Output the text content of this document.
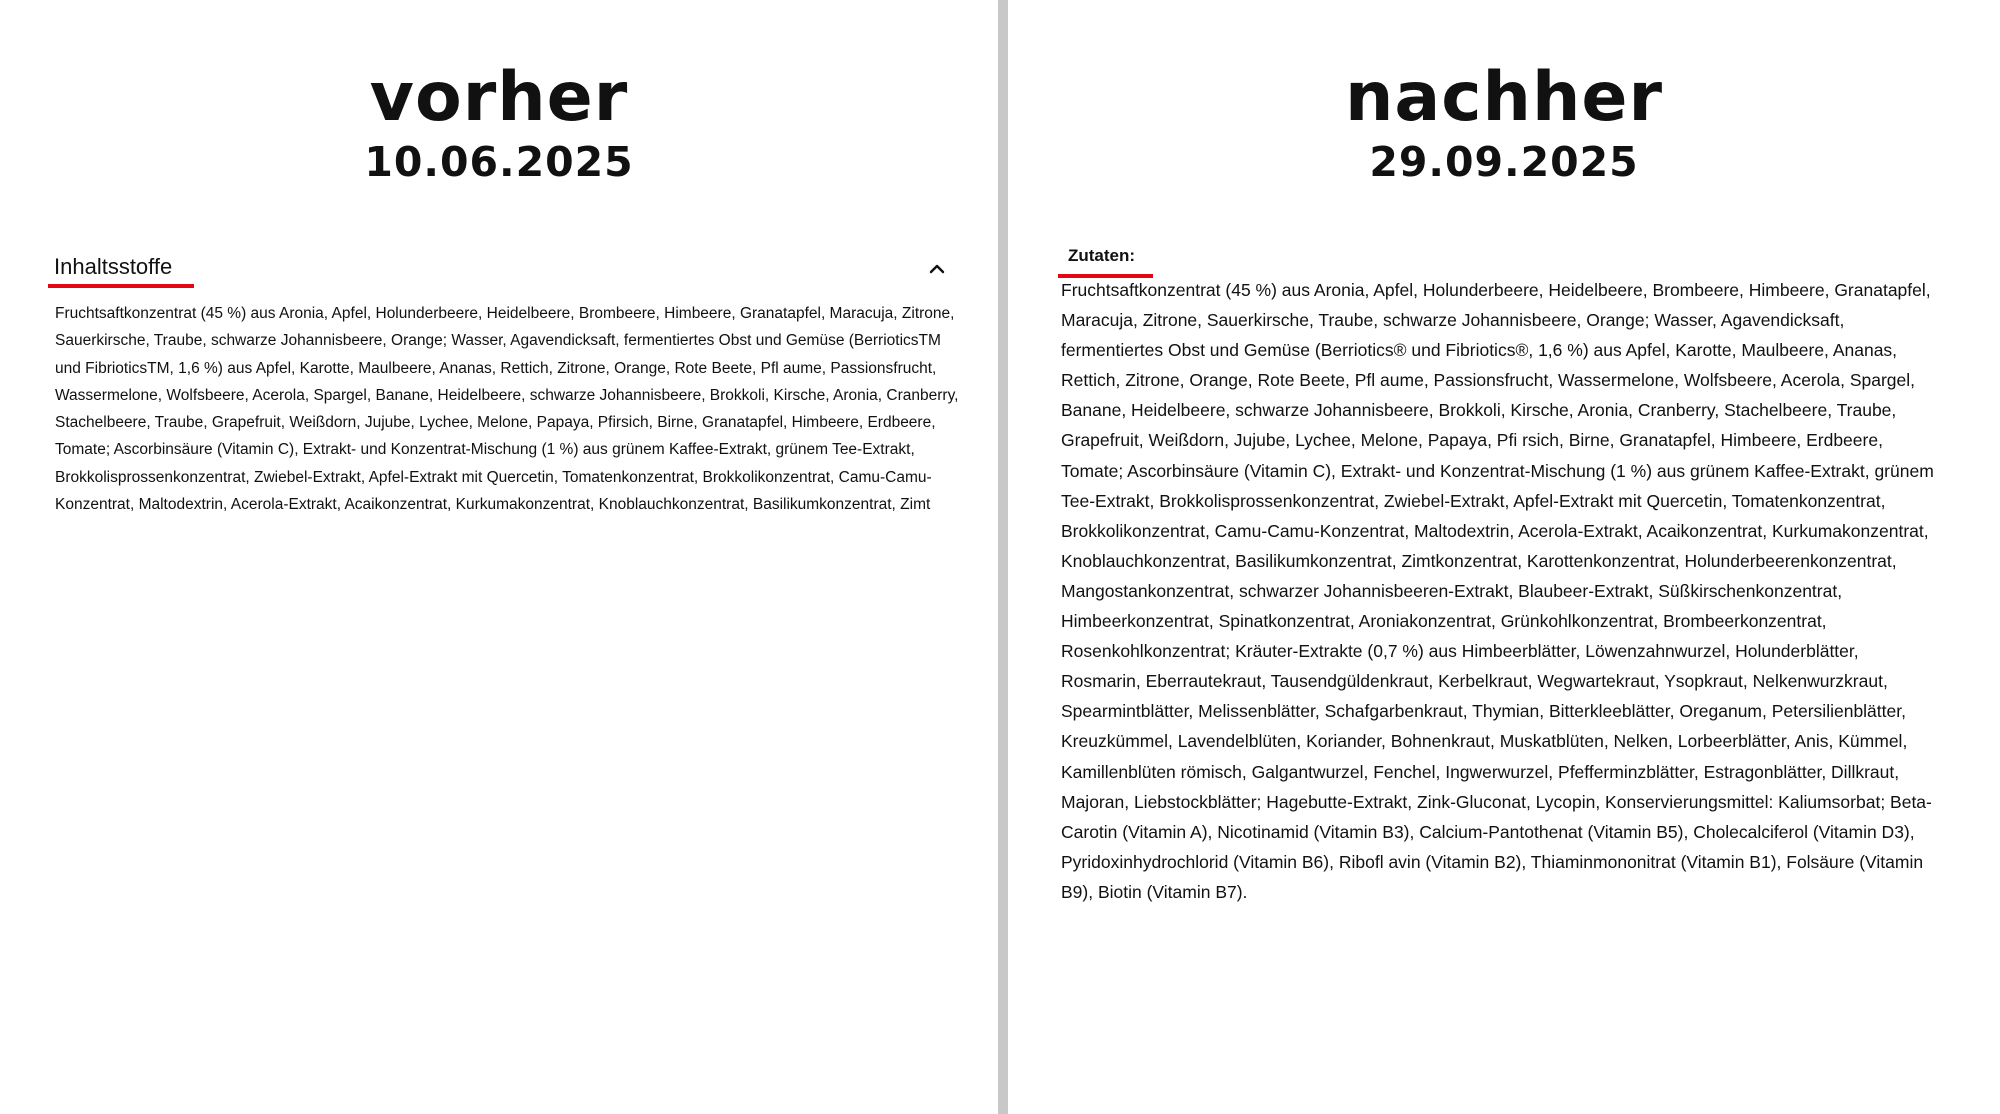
vorher
10.06.2025
Inhaltsstoffe
Fruchtsaftkonzentrat (45 %) aus Aronia, Apfel, Holunderbeere, Heidelbeere, Brombeere, Himbeere, Granatapfel, Maracuja, Zitrone, Sauerkirsche, Traube, schwarze Johannisbeere, Orange; Wasser, Agavendicksaft, fermentiertes Obst und Gemüse (BerrioticsTM und FibrioticsTM, 1,6 %) aus Apfel, Karotte, Maulbeere, Ananas, Rettich, Zitrone, Orange, Rote Beete, Pfl aume, Passionsfrucht, Wassermelone, Wolfsbeere, Acerola, Spargel, Banane, Heidelbeere, schwarze Johannisbeere, Brokkoli, Kirsche, Aronia, Cranberry, Stachelbeere, Traube, Grapefruit, Weißdorn, Jujube, Lychee, Melone, Papaya, Pfirsich, Birne, Granatapfel, Himbeere, Erdbeere, Tomate; Ascorbinsäure (Vitamin C), Extrakt- und Konzentrat-Mischung (1 %) aus grünem Kaffee-Extrakt, grünem Tee-Extrakt, Brokkolisprossenkonzentrat, Zwiebel-Extrakt, Apfel-Extrakt mit Quercetin, Tomatenkonzentrat, Brokkolikonzentrat, Camu-Camu-Konzentrat, Maltodextrin, Acerola-Extrakt, Acaikonzentrat, Kurkumakonzentrat, Knoblauchkonzentrat, Basilikumkonzentrat, Zimt
nachher
29.09.2025
Zutaten:
Fruchtsaftkonzentrat (45 %) aus Aronia, Apfel, Holunderbeere, Heidelbeere, Brombeere, Himbeere, Granatapfel, Maracuja, Zitrone, Sauerkirsche, Traube, schwarze Johannisbeere, Orange; Wasser, Agavendicksaft, fermentiertes Obst und Gemüse (Berriotics® und Fibriotics®, 1,6 %) aus Apfel, Karotte, Maulbeere, Ananas, Rettich, Zitrone, Orange, Rote Beete, Pfl aume, Passionsfrucht, Wassermelone, Wolfsbeere, Acerola, Spargel, Banane, Heidelbeere, schwarze Johannisbeere, Brokkoli, Kirsche, Aronia, Cranberry, Stachelbeere, Traube, Grapefruit, Weißdorn, Jujube, Lychee, Melone, Papaya, Pfi rsich, Birne, Granatapfel, Himbeere, Erdbeere, Tomate; Ascorbinsäure (Vitamin C), Extrakt- und Konzentrat-Mischung (1 %) aus grünem Kaffee-Extrakt, grünem Tee-Extrakt, Brokkolisprossenkonzentrat, Zwiebel-Extrakt, Apfel-Extrakt mit Quercetin, Tomatenkonzentrat, Brokkolikonzentrat, Camu-Camu-Konzentrat, Maltodextrin, Acerola-Extrakt, Acaikonzentrat, Kurkumakonzentrat, Knoblauchkonzentrat, Basilikumkonzentrat, Zimtkonzentrat, Karottenkonzentrat, Holunderbeerenkonzentrat, Mangostankonzentrat, schwarzer Johannisbeeren-Extrakt, Blaubeer-Extrakt, Süßkirschenkonzentrat, Himbeerkonzentrat, Spinatkonzentrat, Aroniakonzentrat, Grünkohlkonzentrat, Brombeerkonzentrat, Rosenkohlkonzentrat; Kräuter-Extrakte (0,7 %) aus Himbeerblätter, Löwenzahnwurzel, Holunderblätter, Rosmarin, Eberrautekraut, Tausendgüldenkraut, Kerbelkraut, Wegwartekraut, Ysopkraut, Nelkenwurzkraut, Spearmintblätter, Melissenblätter, Schafgarbenkraut, Thymian, Bitterkleeblätter, Oreganum, Petersilienblätter, Kreuzkümmel, Lavendelblüten, Koriander, Bohnenkraut, Muskatblüten, Nelken, Lorbeerblätter, Anis, Kümmel, Kamillenblüten römisch, Galgantwurzel, Fenchel, Ingwerwurzel, Pfefferminzblätter, Estragonblätter, Dillkraut, Majoran, Liebstockblätter; Hagebutte-Extrakt, Zink-Gluconat, Lycopin, Konservierungsmittel: Kaliumsorbat; Beta-Carotin (Vitamin A), Nicotinamid (Vitamin B3), Calcium-Pantothenat (Vitamin B5), Cholecalciferol (Vitamin D3), Pyridoxinhydrochlorid (Vitamin B6), Ribofl avin (Vitamin B2), Thiaminmononitrat (Vitamin B1), Folsäure (Vitamin B9), Biotin (Vitamin B7).
